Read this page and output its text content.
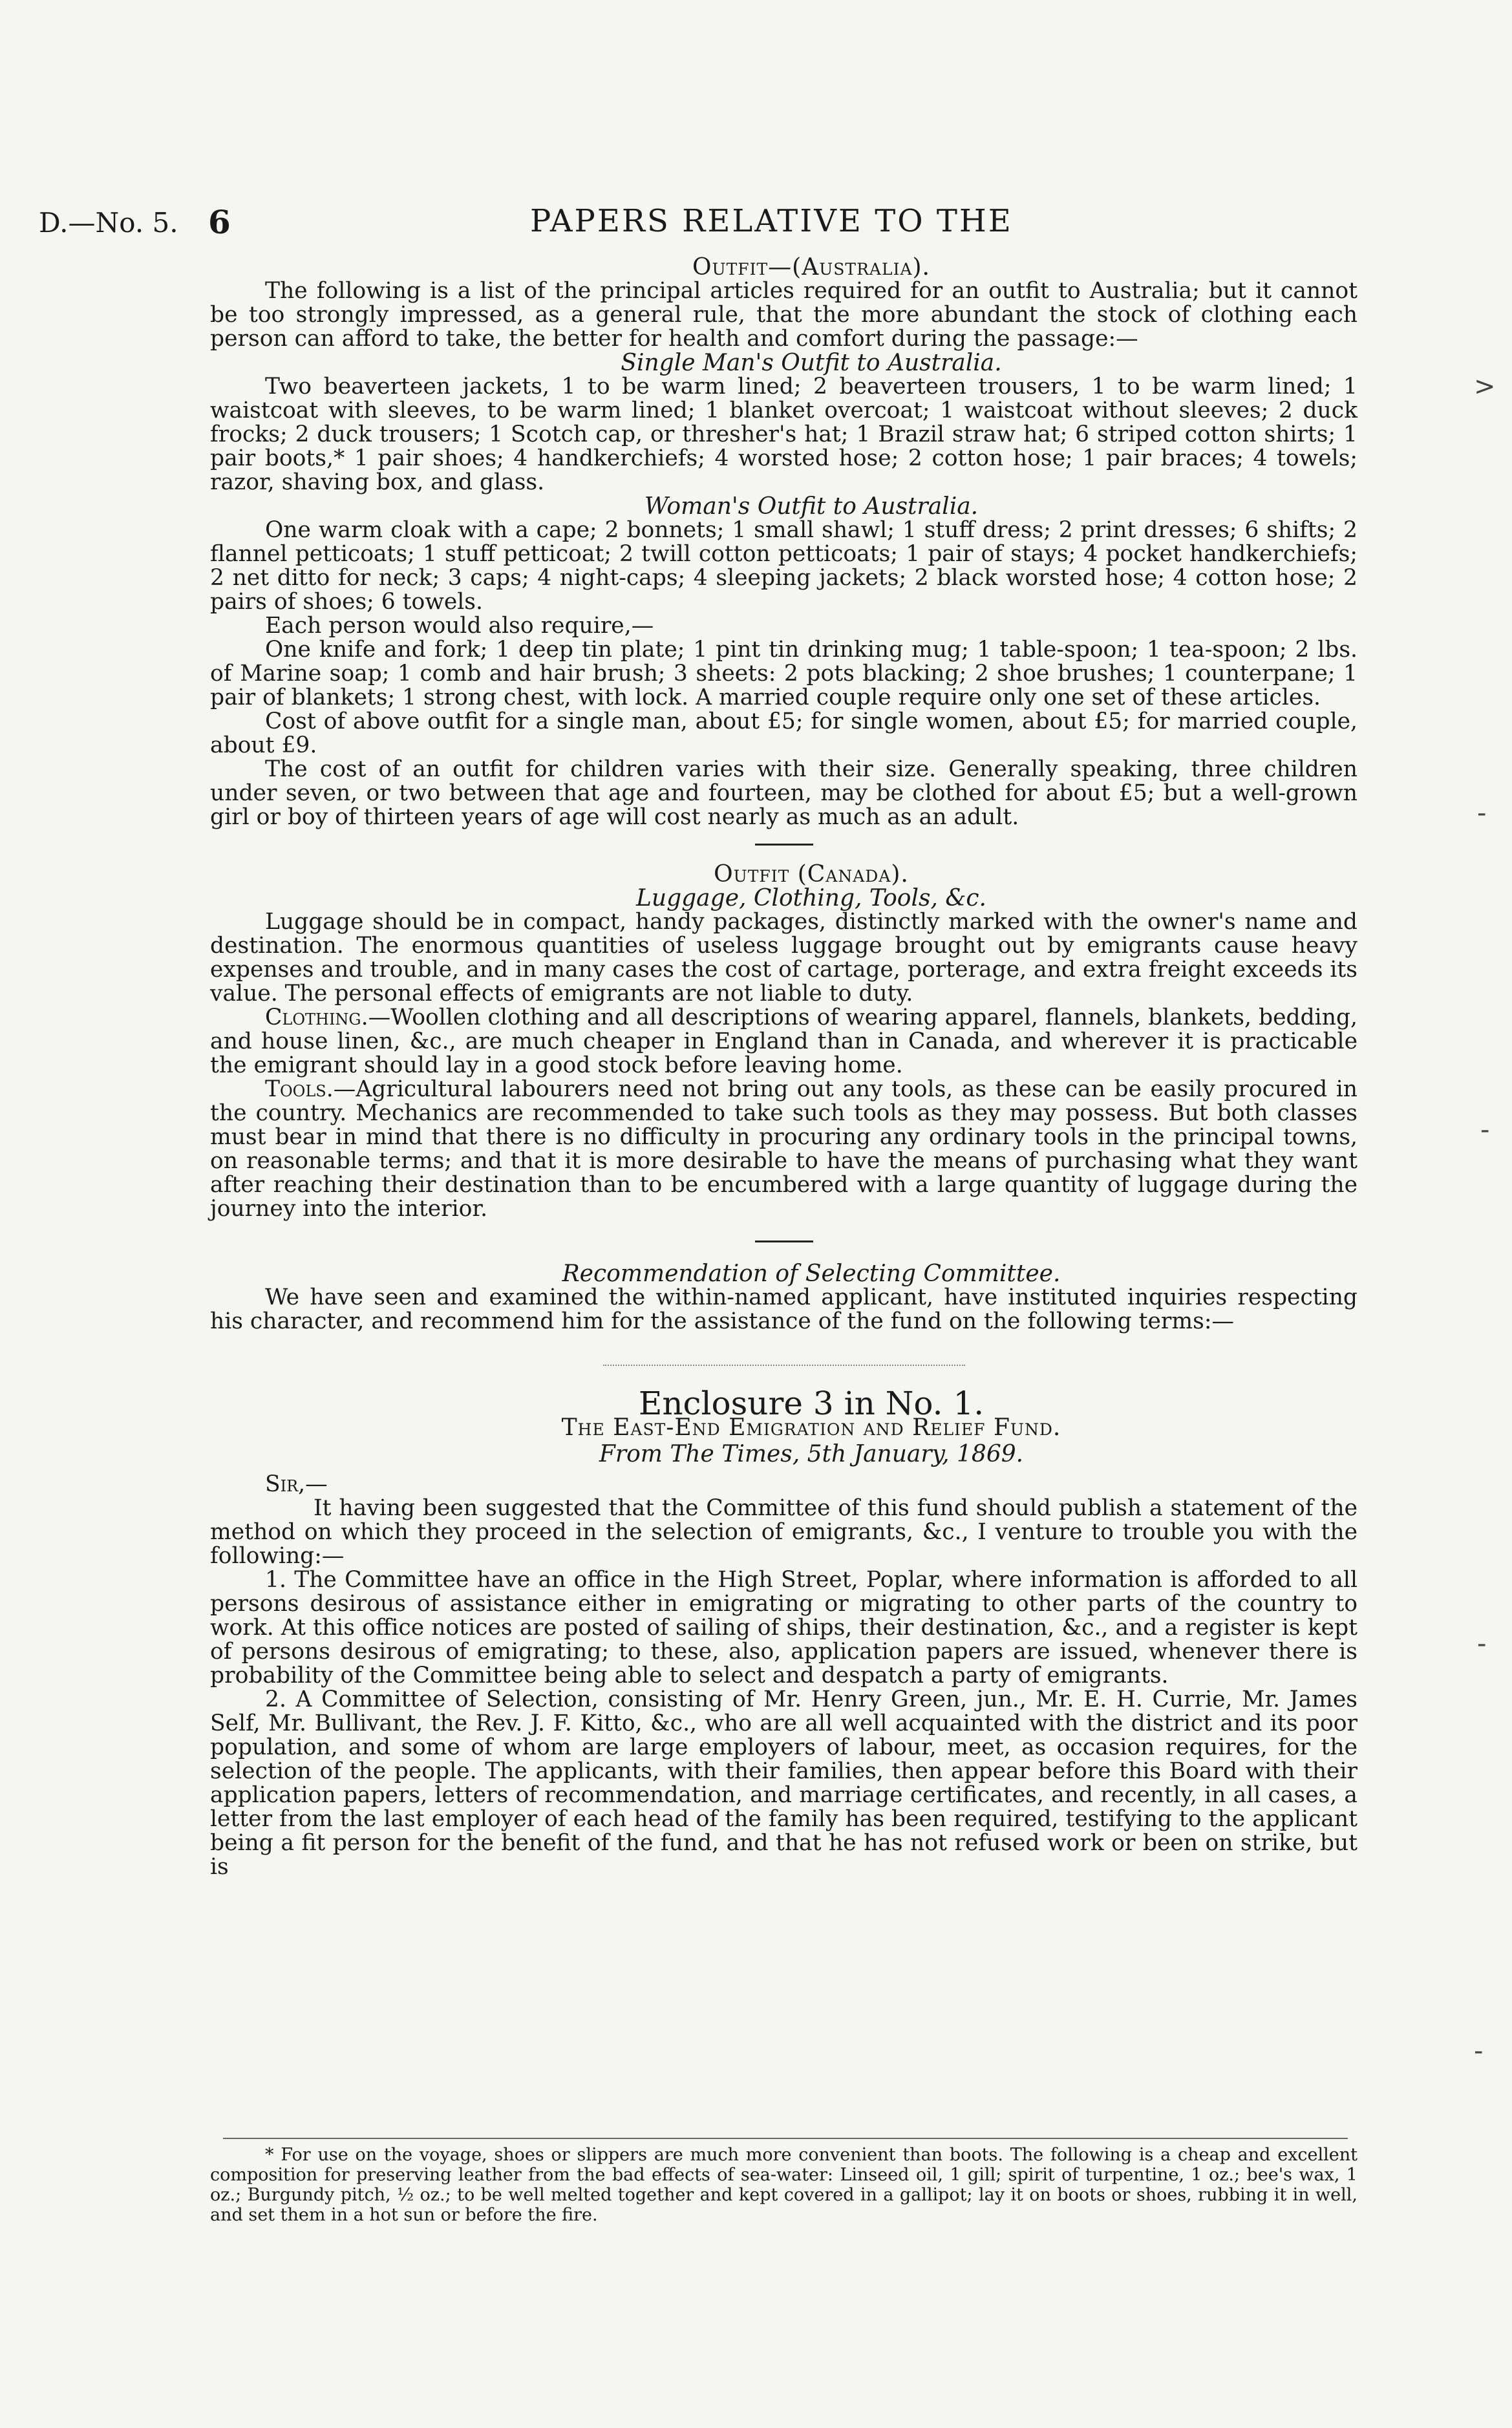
D.—No. 5. 6	PAPERS RELATIVE TO THE

Outfit—(Australia).

The following is a list of the principal articles required for an outfit to Australia; but it cannot be too strongly impressed, as a general rule, that the more abundant the stock of clothing each person can afford to take, the better for health and comfort during the passage:—

Single Man's Outfit to Australia.

Two beaverteen jackets, 1 to be warm lined; 2 beaverteen trousers, 1 to be warm lined; 1 waistcoat with sleeves, to be warm lined; 1 blanket overcoat; 1 waistcoat without sleeves; 2 duck frocks; 2 duck trousers; 1 Scotch cap, or thresher's hat; 1 Brazil straw hat; 6 striped cotton shirts; 1 pair boots,* 1 pair shoes; 4 handkerchiefs; 4 worsted hose; 2 cotton hose; 1 pair braces; 4 towels; razor, shaving box, and glass.

Woman's Outfit to Australia.

One warm cloak with a cape; 2 bonnets; 1 small shawl; 1 stuff dress; 2 print dresses; 6 shifts; 2 flannel petticoats; 1 stuff petticoat; 2 twill cotton petticoats; 1 pair of stays; 4 pocket handkerchiefs; 2 net ditto for neck; 3 caps; 4 night-caps; 4 sleeping jackets; 2 black worsted hose; 4 cotton hose; 2 pairs of shoes; 6 towels.

Each person would also require,—

One knife and fork; 1 deep tin plate; 1 pint tin drinking mug; 1 table-spoon; 1 tea-spoon; 2 lbs. of Marine soap; 1 comb and hair brush; 3 sheets: 2 pots blacking; 2 shoe brushes; 1 counterpane; 1 pair of blankets; 1 strong chest, with lock. A married couple require only one set of these articles.

Cost of above outfit for a single man, about £5; for single women, about £5; for married couple, about £9.

The cost of an outfit for children varies with their size. Generally speaking, three children under seven, or two between that age and fourteen, may be clothed for about £5; but a well-grown girl or boy of thirteen years of age will cost nearly as much as an adult.

Outfit (Canada).

Luggage, Clothing, Tools, &c.

Luggage should be in compact, handy packages, distinctly marked with the owner's name and destination. The enormous quantities of useless luggage brought out by emigrants cause heavy expenses and trouble, and in many cases the cost of cartage, porterage, and extra freight exceeds its value. The personal effects of emigrants are not liable to duty.

Clothing.—Woollen clothing and all descriptions of wearing apparel, flannels, blankets, bedding, and house linen, &c., are much cheaper in England than in Canada, and wherever it is practicable the emigrant should lay in a good stock before leaving home.

Tools.—Agricultural labourers need not bring out any tools, as these can be easily procured in the country. Mechanics are recommended to take such tools as they may possess. But both classes must bear in mind that there is no difficulty in procuring any ordinary tools in the principal towns, on reasonable terms; and that it is more desirable to have the means of purchasing what they want after reaching their destination than to be encumbered with a large quantity of luggage during the journey into the interior.

Recommendation of Selecting Committee.

We have seen and examined the within-named applicant, have instituted inquiries respecting his character, and recommend him for the assistance of the fund on the following terms:—

Enclosure 3 in No. 1.

The East-End Emigration and Relief Fund.

From The Times, 5th January, 1869.

Sir,—

It having been suggested that the Committee of this fund should publish a statement of the method on which they proceed in the selection of emigrants, &c., I venture to trouble you with the following:—

1. The Committee have an office in the High Street, Poplar, where information is afforded to all persons desirous of assistance either in emigrating or migrating to other parts of the country to work. At this office notices are posted of sailing of ships, their destination, &c., and a register is kept of persons desirous of emigrating; to these, also, application papers are issued, whenever there is probability of the Committee being able to select and despatch a party of emigrants.

2. A Committee of Selection, consisting of Mr. Henry Green, jun., Mr. E. H. Currie, Mr. James Self, Mr. Bullivant, the Rev. J. F. Kitto, &c., who are all well acquainted with the district and its poor population, and some of whom are large employers of labour, meet, as occasion requires, for the selection of the people. The applicants, with their families, then appear before this Board with their application papers, letters of recommendation, and marriage certificates, and recently, in all cases, a letter from the last employer of each head of the family has been required, testifying to the applicant being a fit person for the benefit of the fund, and that he has not refused work or been on strike, but is

* For use on the voyage, shoes or slippers are much more convenient than boots. The following is a cheap and excellent composition for preserving leather from the bad effects of sea-water: Linseed oil, 1 gill; spirit of turpentine, 1 oz.; bee's wax, 1 oz.; Burgundy pitch, ½ oz.; to be well melted together and kept covered in a gallipot; lay it on boots or shoes, rubbing it in well, and set them in a hot sun or before the fire.

>
-
-
-
-
